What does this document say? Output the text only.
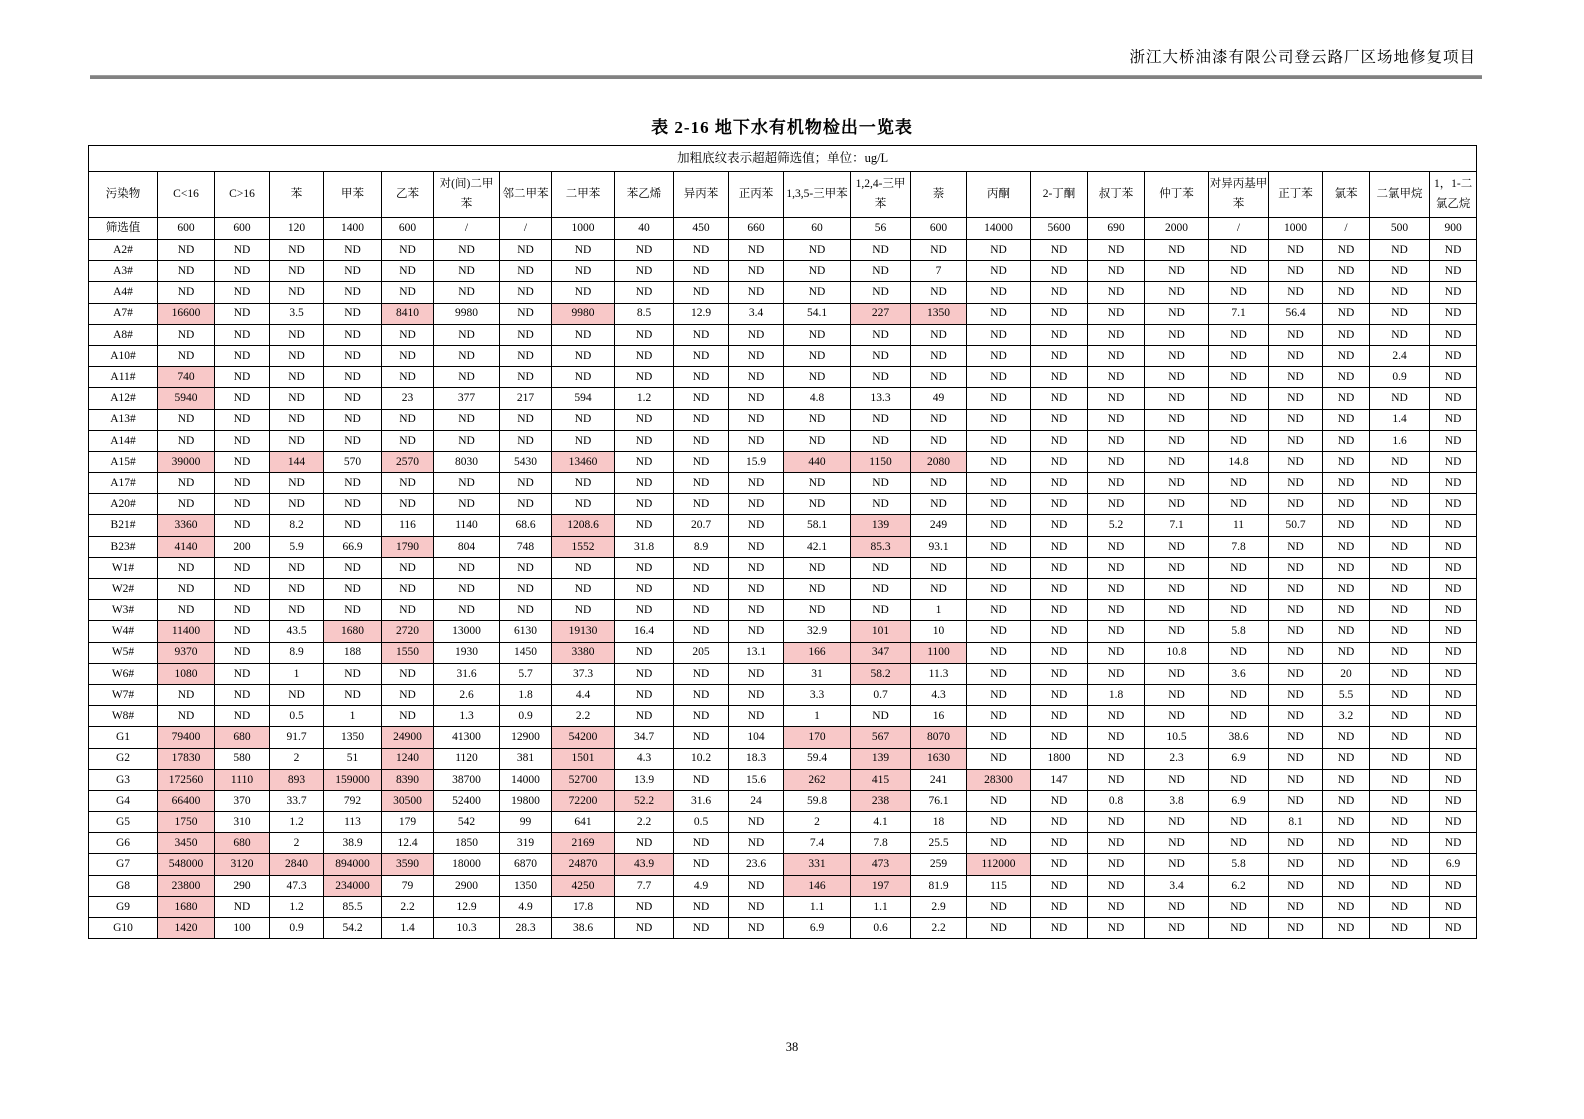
浙江大桥油漆有限公司登云路厂区场地修复项目
表 2-16 地下水有机物检出一览表
加粗底纹表示超超筛选值；单位：ug/L																							
污染物	C<16	C>16	苯	甲苯	乙苯	对(间)二甲苯	邻二甲苯	二甲苯	苯乙烯	异丙苯	正丙苯	1,3,5-三甲苯	1,2,4-三甲苯	萘	丙酮	2-丁酮	叔丁苯	仲丁苯	对异丙基甲苯	正丁苯	氯苯	二氯甲烷	1，1-二氯乙烷
筛选值	600	600	120	1400	600	/	/	1000	40	450	660	60	56	600	14000	5600	690	2000	/	1000	/	500	900
A2#	ND	ND	ND	ND	ND	ND	ND	ND	ND	ND	ND	ND	ND	ND	ND	ND	ND	ND	ND	ND	ND	ND	ND
A3#	ND	ND	ND	ND	ND	ND	ND	ND	ND	ND	ND	ND	ND	7	ND	ND	ND	ND	ND	ND	ND	ND	ND
A4#	ND	ND	ND	ND	ND	ND	ND	ND	ND	ND	ND	ND	ND	ND	ND	ND	ND	ND	ND	ND	ND	ND	ND
A7#	16600	ND	3.5	ND	8410	9980	ND	9980	8.5	12.9	3.4	54.1	227	1350	ND	ND	ND	ND	7.1	56.4	ND	ND	ND
A8#	ND	ND	ND	ND	ND	ND	ND	ND	ND	ND	ND	ND	ND	ND	ND	ND	ND	ND	ND	ND	ND	ND	ND
A10#	ND	ND	ND	ND	ND	ND	ND	ND	ND	ND	ND	ND	ND	ND	ND	ND	ND	ND	ND	ND	ND	2.4	ND
A11#	740	ND	ND	ND	ND	ND	ND	ND	ND	ND	ND	ND	ND	ND	ND	ND	ND	ND	ND	ND	ND	0.9	ND
A12#	5940	ND	ND	ND	23	377	217	594	1.2	ND	ND	4.8	13.3	49	ND	ND	ND	ND	ND	ND	ND	ND	ND
A13#	ND	ND	ND	ND	ND	ND	ND	ND	ND	ND	ND	ND	ND	ND	ND	ND	ND	ND	ND	ND	ND	1.4	ND
A14#	ND	ND	ND	ND	ND	ND	ND	ND	ND	ND	ND	ND	ND	ND	ND	ND	ND	ND	ND	ND	ND	1.6	ND
A15#	39000	ND	144	570	2570	8030	5430	13460	ND	ND	15.9	440	1150	2080	ND	ND	ND	ND	14.8	ND	ND	ND	ND
A17#	ND	ND	ND	ND	ND	ND	ND	ND	ND	ND	ND	ND	ND	ND	ND	ND	ND	ND	ND	ND	ND	ND	ND
A20#	ND	ND	ND	ND	ND	ND	ND	ND	ND	ND	ND	ND	ND	ND	ND	ND	ND	ND	ND	ND	ND	ND	ND
B21#	3360	ND	8.2	ND	116	1140	68.6	1208.6	ND	20.7	ND	58.1	139	249	ND	ND	5.2	7.1	11	50.7	ND	ND	ND
B23#	4140	200	5.9	66.9	1790	804	748	1552	31.8	8.9	ND	42.1	85.3	93.1	ND	ND	ND	ND	7.8	ND	ND	ND	ND
W1#	ND	ND	ND	ND	ND	ND	ND	ND	ND	ND	ND	ND	ND	ND	ND	ND	ND	ND	ND	ND	ND	ND	ND
W2#	ND	ND	ND	ND	ND	ND	ND	ND	ND	ND	ND	ND	ND	ND	ND	ND	ND	ND	ND	ND	ND	ND	ND
W3#	ND	ND	ND	ND	ND	ND	ND	ND	ND	ND	ND	ND	ND	1	ND	ND	ND	ND	ND	ND	ND	ND	ND
W4#	11400	ND	43.5	1680	2720	13000	6130	19130	16.4	ND	ND	32.9	101	10	ND	ND	ND	ND	5.8	ND	ND	ND	ND
W5#	9370	ND	8.9	188	1550	1930	1450	3380	ND	205	13.1	166	347	1100	ND	ND	ND	10.8	ND	ND	ND	ND	ND
W6#	1080	ND	1	ND	ND	31.6	5.7	37.3	ND	ND	ND	31	58.2	11.3	ND	ND	ND	ND	3.6	ND	20	ND	ND
W7#	ND	ND	ND	ND	ND	2.6	1.8	4.4	ND	ND	ND	3.3	0.7	4.3	ND	ND	1.8	ND	ND	ND	5.5	ND	ND
W8#	ND	ND	0.5	1	ND	1.3	0.9	2.2	ND	ND	ND	1	ND	16	ND	ND	ND	ND	ND	ND	3.2	ND	ND
G1	79400	680	91.7	1350	24900	41300	12900	54200	34.7	ND	104	170	567	8070	ND	ND	ND	10.5	38.6	ND	ND	ND	ND
G2	17830	580	2	51	1240	1120	381	1501	4.3	10.2	18.3	59.4	139	1630	ND	1800	ND	2.3	6.9	ND	ND	ND	ND
G3	172560	1110	893	159000	8390	38700	14000	52700	13.9	ND	15.6	262	415	241	28300	147	ND	ND	ND	ND	ND	ND	ND
G4	66400	370	33.7	792	30500	52400	19800	72200	52.2	31.6	24	59.8	238	76.1	ND	ND	0.8	3.8	6.9	ND	ND	ND	ND
G5	1750	310	1.2	113	179	542	99	641	2.2	0.5	ND	2	4.1	18	ND	ND	ND	ND	ND	8.1	ND	ND	ND
G6	3450	680	2	38.9	12.4	1850	319	2169	ND	ND	ND	7.4	7.8	25.5	ND	ND	ND	ND	ND	ND	ND	ND	ND
G7	548000	3120	2840	894000	3590	18000	6870	24870	43.9	ND	23.6	331	473	259	112000	ND	ND	ND	5.8	ND	ND	ND	6.9
G8	23800	290	47.3	234000	79	2900	1350	4250	7.7	4.9	ND	146	197	81.9	115	ND	ND	3.4	6.2	ND	ND	ND	ND
G9	1680	ND	1.2	85.5	2.2	12.9	4.9	17.8	ND	ND	ND	1.1	1.1	2.9	ND	ND	ND	ND	ND	ND	ND	ND	ND
G10	1420	100	0.9	54.2	1.4	10.3	28.3	38.6	ND	ND	ND	6.9	0.6	2.2	ND	ND	ND	ND	ND	ND	ND	ND	ND
38
